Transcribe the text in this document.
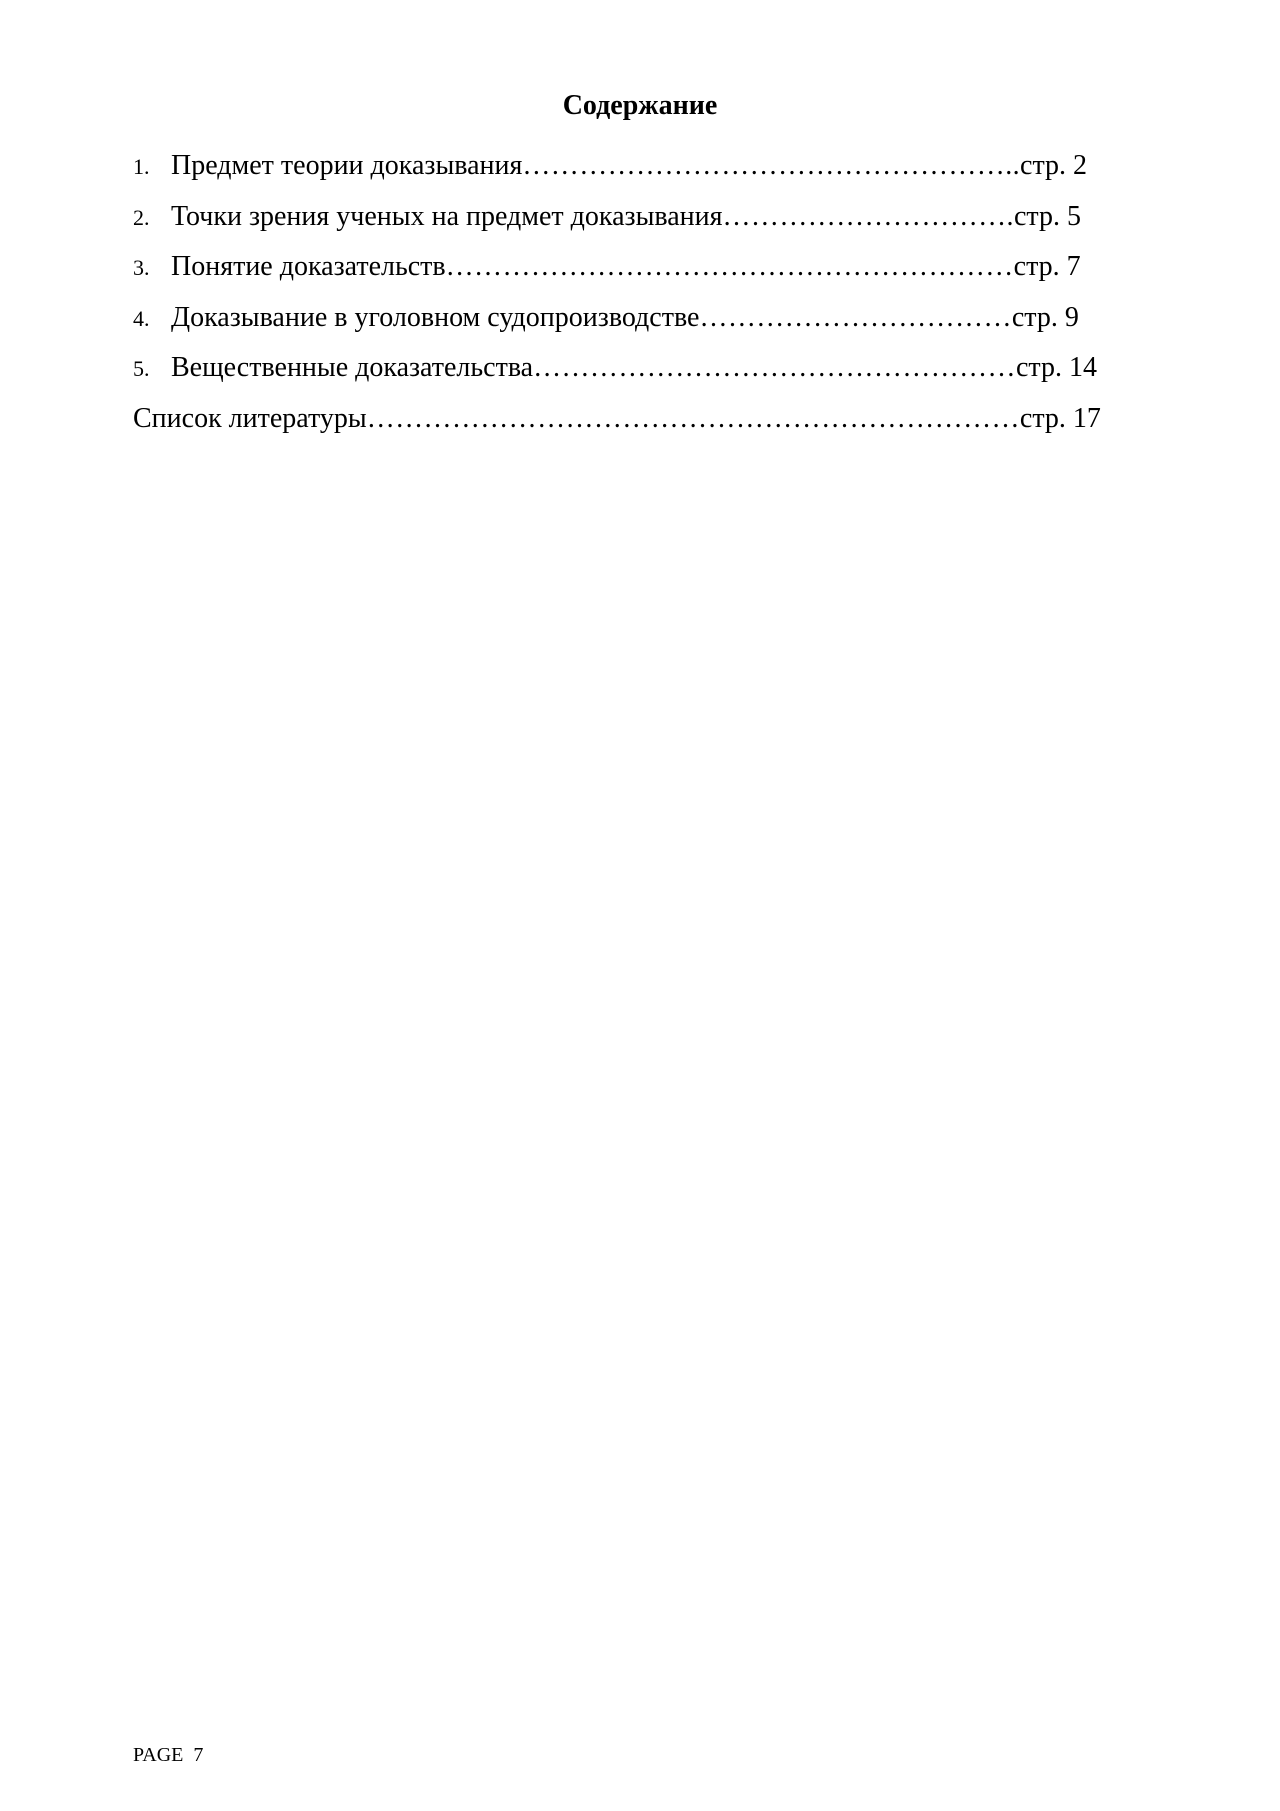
Содержание
1. Предмет теории доказывания …………………………………………….. стр. 2
2. Точки зрения ученых на предмет доказывания …………………………. стр. 5
3. Понятие доказательств …………………………………………………… стр. 7
4. Доказывание в уголовном судопроизводстве …………………………… стр. 9
5. Вещественные доказательства …………………………………………… стр. 14
Список литературы …………………………………………………………… стр. 17
PAGE 7
